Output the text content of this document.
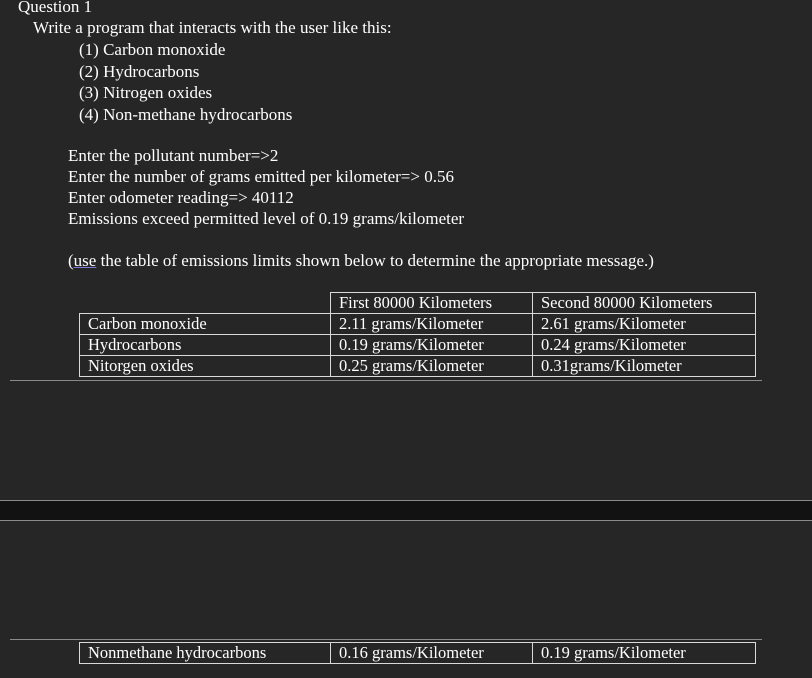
Question 1
Write a program that interacts with the user like this:
(1) Carbon monoxide
(2) Hydrocarbons
(3) Nitrogen oxides
(4) Non-methane hydrocarbons
Enter the pollutant number=>2
Enter the number of grams emitted per kilometer=> 0.56
Enter odometer reading=> 40112
Emissions exceed permitted level of 0.19 grams/kilometer
(use the table of emissions limits shown below to determine the appropriate message.)
	First 80000 Kilometers	Second 80000 Kilometers
Carbon monoxide	2.11 grams/Kilometer	2.61 grams/Kilometer
Hydrocarbons	0.19 grams/Kilometer	0.24 grams/Kilometer
Nitorgen oxides	0.25 grams/Kilometer	0.31grams/Kilometer
Nonmethane hydrocarbons	0.16 grams/Kilometer	0.19 grams/Kilometer
